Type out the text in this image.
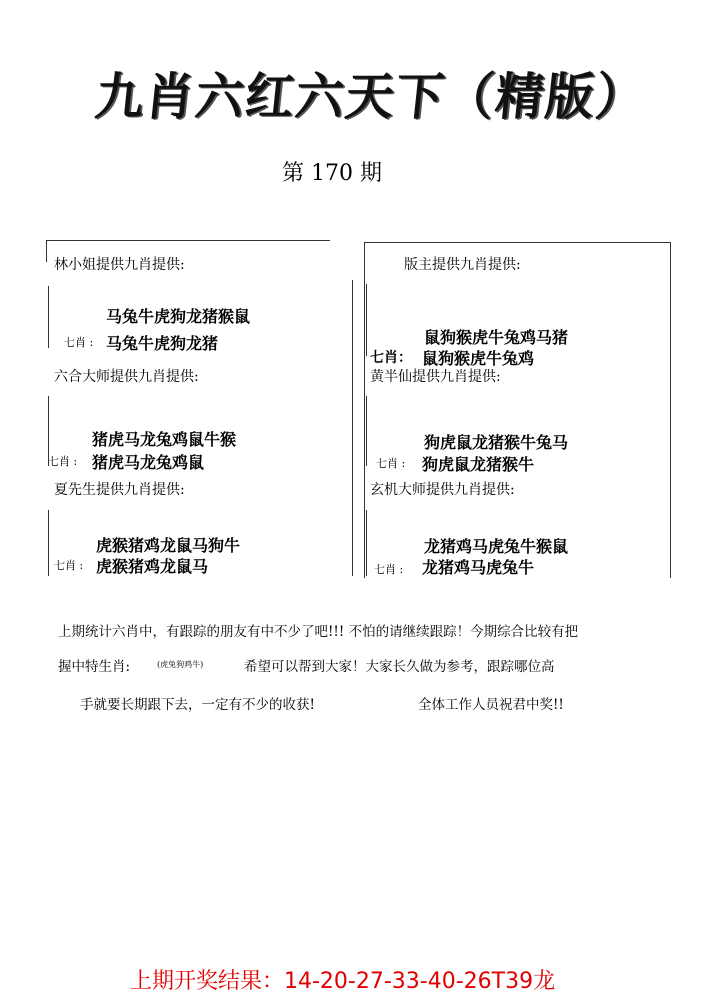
九肖六红六天下（精版）
第 170 期
林小姐提供九肖提供:
马兔牛虎狗龙猪猴鼠
七肖 : 马兔牛虎狗龙猪
六合大师提供九肖提供:
猪虎马龙兔鸡鼠牛猴
七肖 : 猪虎马龙兔鸡鼠
夏先生提供九肖提供:
虎猴猪鸡龙鼠马狗牛
七肖 : 虎猴猪鸡龙鼠马
版主提供九肖提供:
鼠狗猴虎牛兔鸡马猪
七肖： 鼠狗猴虎牛兔鸡
黄半仙提供九肖提供:
狗虎鼠龙猪猴牛兔马
七肖 : 狗虎鼠龙猪猴牛
玄机大师提供九肖提供:
龙猪鸡马虎兔牛猴鼠
七肖 : 龙猪鸡马虎兔牛
上期统计六肖中，有跟踪的朋友有中不少了吧!!! 不怕的请继续跟踪！今期综合比较有把
握中特生肖:	(虎兔狗鸡牛)	希望可以帮到大家！大家长久做为参考，跟踪哪位高
手就要长期跟下去，一定有不少的收获!	全体工作人员祝君中奖!!
上期开奖结果：14-20-27-33-40-26T39龙
